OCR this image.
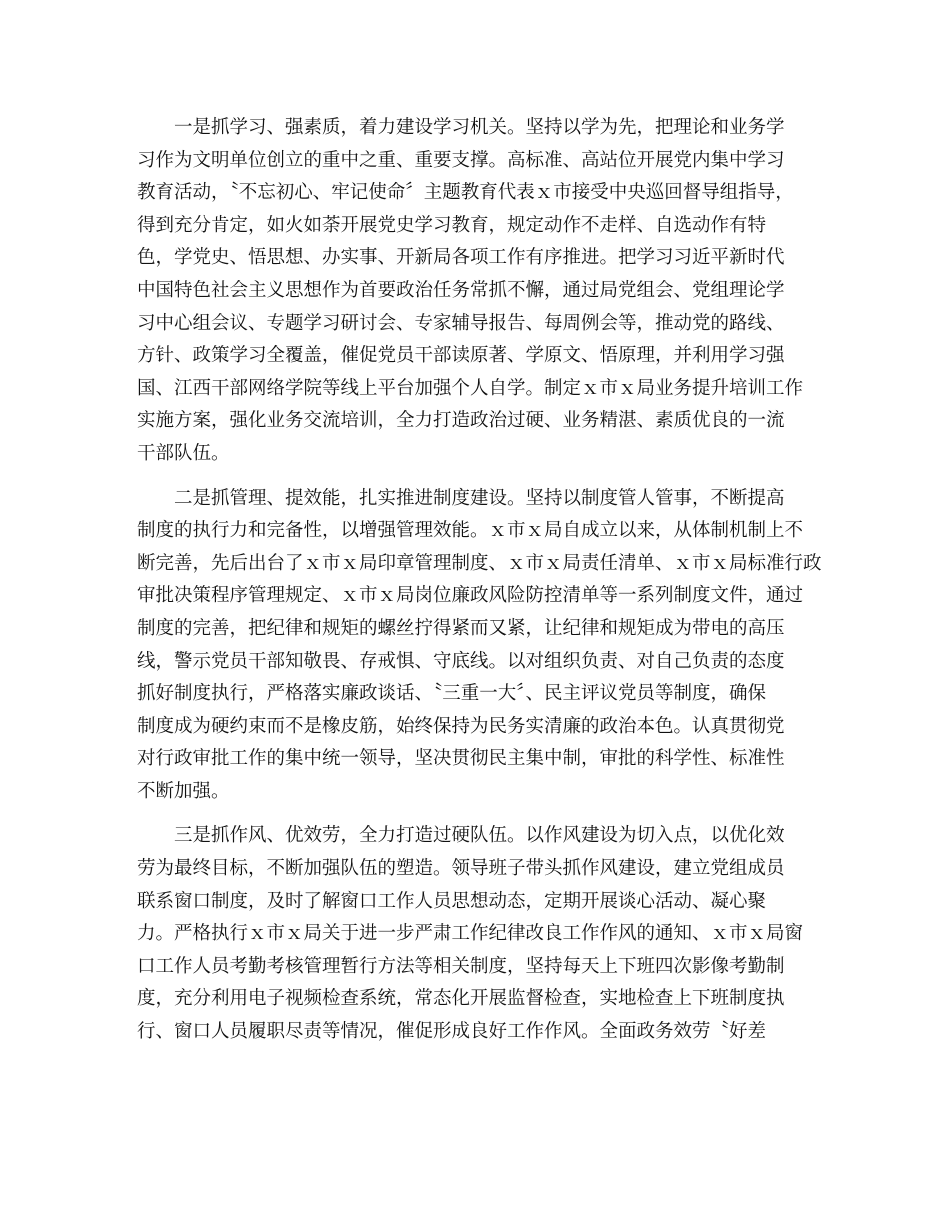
一是抓学习、强素质，着力建设学习机关。坚持以学为先，把理论和业务学
习作为文明单位创立的重中之重、重要支撑。高标准、高站位开展党内集中学习
教育活动，〝不忘初心、牢记使命〞主题教育代表ｘ市接受中央巡回督导组指导，
得到充分肯定，如火如荼开展党史学习教育，规定动作不走样、自选动作有特
色，学党史、悟思想、办实事、开新局各项工作有序推进。把学习习近平新时代
中国特色社会主义思想作为首要政治任务常抓不懈，通过局党组会、党组理论学
习中心组会议、专题学习研讨会、专家辅导报告、每周例会等，推动党的路线、
方针、政策学习全覆盖，催促党员干部读原著、学原文、悟原理，并利用学习强
国、江西干部网络学院等线上平台加强个人自学。制定ｘ市ｘ局业务提升培训工作
实施方案，强化业务交流培训，全力打造政治过硬、业务精湛、素质优良的一流
干部队伍。
二是抓管理、提效能，扎实推进制度建设。坚持以制度管人管事，不断提高
制度的执行力和完备性，以增强管理效能。ｘ市ｘ局自成立以来，从体制机制上不
断完善，先后出台了ｘ市ｘ局印章管理制度、ｘ市ｘ局责任清单、ｘ市ｘ局标准行政
审批决策程序管理规定、ｘ市ｘ局岗位廉政风险防控清单等一系列制度文件，通过
制度的完善，把纪律和规矩的螺丝拧得紧而又紧，让纪律和规矩成为带电的高压
线，警示党员干部知敬畏、存戒惧、守底线。以对组织负责、对自己负责的态度
抓好制度执行，严格落实廉政谈话、〝三重一大〞、民主评议党员等制度，确保
制度成为硬约束而不是橡皮筋，始终保持为民务实清廉的政治本色。认真贯彻党
对行政审批工作的集中统一领导，坚决贯彻民主集中制，审批的科学性、标准性
不断加强。
三是抓作风、优效劳，全力打造过硬队伍。以作风建设为切入点，以优化效
劳为最终目标，不断加强队伍的塑造。领导班子带头抓作风建设，建立党组成员
联系窗口制度，及时了解窗口工作人员思想动态，定期开展谈心活动、凝心聚
力。严格执行ｘ市ｘ局关于进一步严肃工作纪律改良工作作风的通知、ｘ市ｘ局窗
口工作人员考勤考核管理暂行方法等相关制度，坚持每天上下班四次影像考勤制
度，充分利用电子视频检查系统，常态化开展监督检查，实地检查上下班制度执
行、窗口人员履职尽责等情况，催促形成良好工作作风。全面政务效劳〝好差
